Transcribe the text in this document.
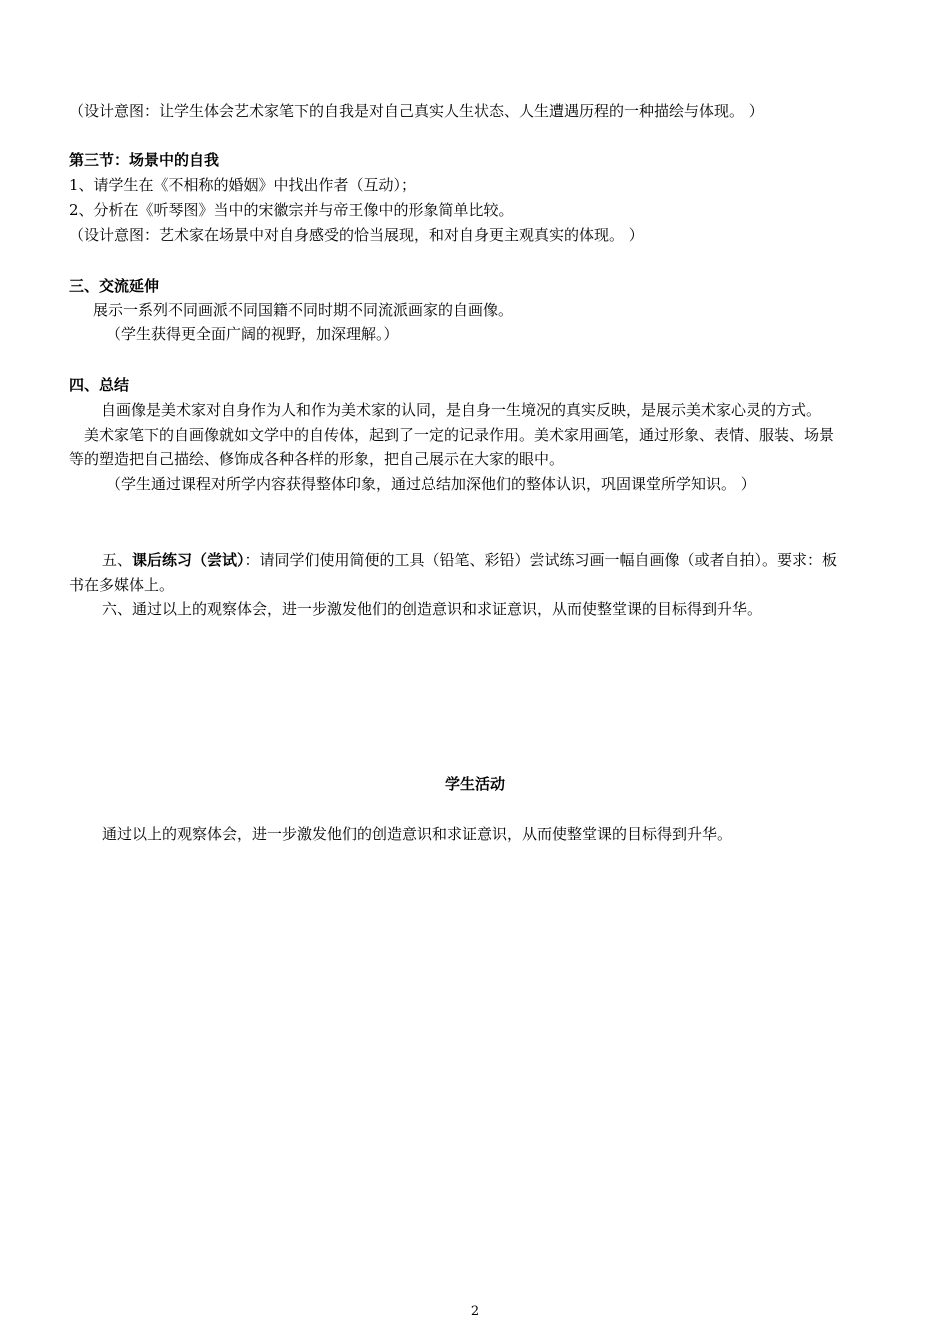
（设计意图：让学生体会艺术家笔下的自我是对自己真实人生状态、人生遭遇历程的一种描绘与体现。 ）
第三节：场景中的自我
1、请学生在《不相称的婚姻》中找出作者（互动）；
2、分析在《听琴图》当中的宋徽宗并与帝王像中的形象简单比较。
（设计意图：艺术家在场景中对自身感受的恰当展现，和对自身更主观真实的体现。 ）
三、交流延伸
展示一系列不同画派不同国籍不同时期不同流派画家的自画像。
（学生获得更全面广阔的视野，加深理解。）
四、总结
自画像是美术家对自身作为人和作为美术家的认同，是自身一生境况的真实反映，是展示美术家心灵的方式。
美术家笔下的自画像就如文学中的自传体，起到了一定的记录作用。美术家用画笔，通过形象、表情、服装、场景
等的塑造把自己描绘、修饰成各种各样的形象，把自己展示在大家的眼中。
（学生通过课程对所学内容获得整体印象，通过总结加深他们的整体认识，巩固课堂所学知识。 ）
五、课后练习（尝试）：请同学们使用简便的工具（铅笔、彩铅）尝试练习画一幅自画像（或者自拍）。要求：板
书在多媒体上。
六、通过以上的观察体会，进一步激发他们的创造意识和求证意识，从而使整堂课的目标得到升华。
学生活动
通过以上的观察体会，进一步激发他们的创造意识和求证意识，从而使整堂课的目标得到升华。
2
